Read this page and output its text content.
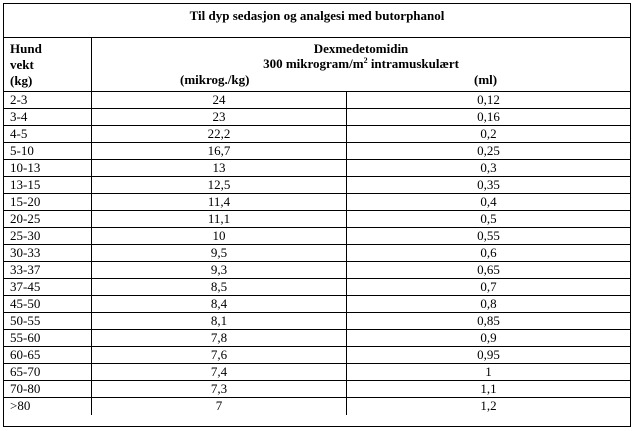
Til dyp sedasjon og analgesi med butorphanol
Hund
vekt
(kg)
Dexmedetomidin
300 mikrogram/$m^2$ intramuskulært
(mikrog./kg)	(ml)
2-3	24	0,12
3-4	23	0,16
4-5	22,2	0,2
5-10	16,7	0,25
10-13	13	0,3
13-15	12,5	0,35
15-20	11,4	0,4
20-25	11,1	0,5
25-30	10	0,55
30-33	9,5	0,6
33-37	9,3	0,65
37-45	8,5	0,7
45-50	8,4	0,8
50-55	8,1	0,85
55-60	7,8	0,9
60-65	7,6	0,95
65-70	7,4	1
70-80	7,3	1,1
>80	7	1,2
